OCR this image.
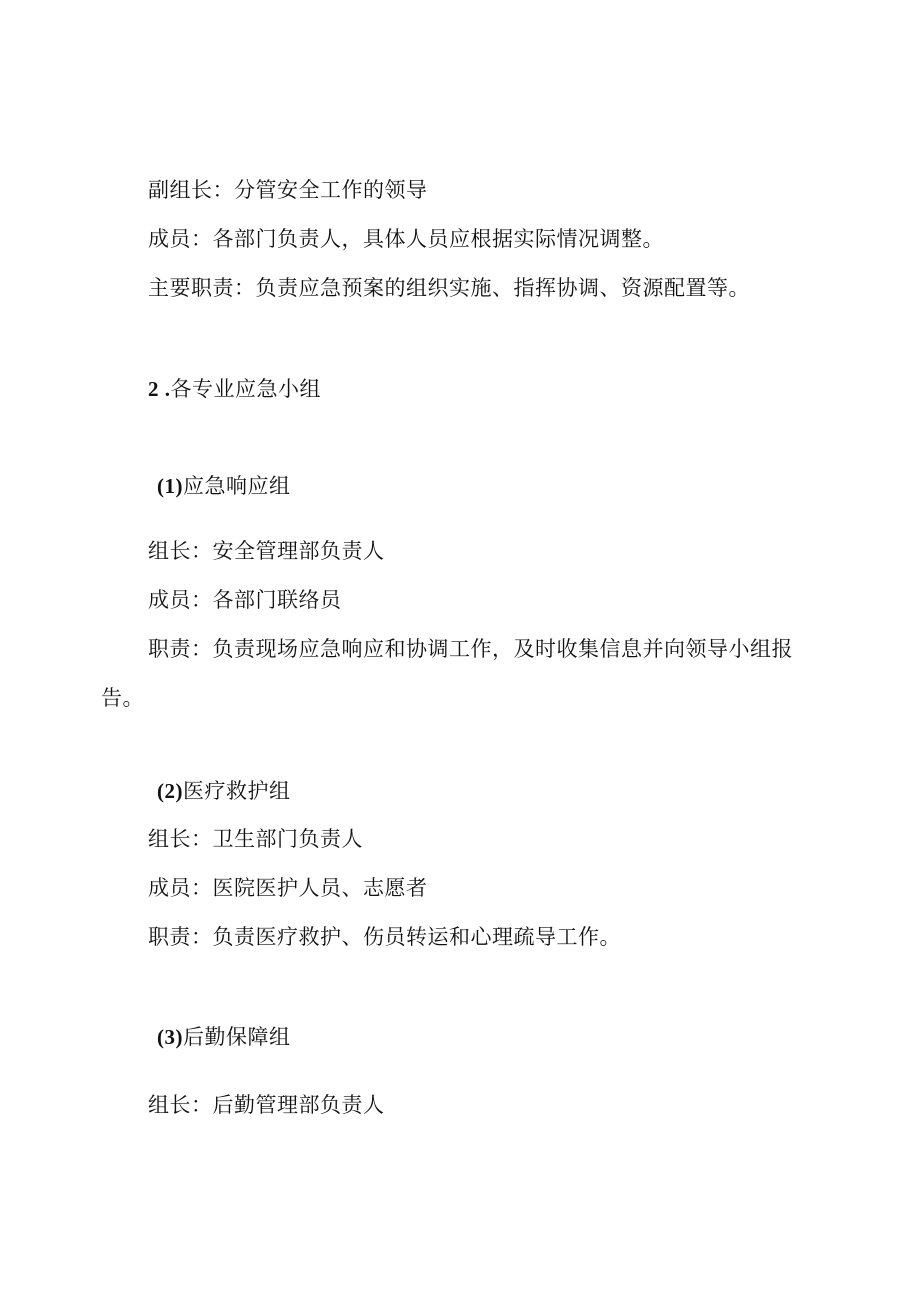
副组长：分管安全工作的领导
成员：各部门负责人，具体人员应根据实际情况调整。
主要职责：负责应急预案的组织实施、指挥协调、资源配置等。
2 .各专业应急小组
(1)应急响应组
组长：安全管理部负责人
成员：各部门联络员
职责：负责现场应急响应和协调工作，及时收集信息并向领导小组报
告。
(2)医疗救护组
组长：卫生部门负责人
成员：医院医护人员、志愿者
职责：负责医疗救护、伤员转运和心理疏导工作。
(3)后勤保障组
组长：后勤管理部负责人
